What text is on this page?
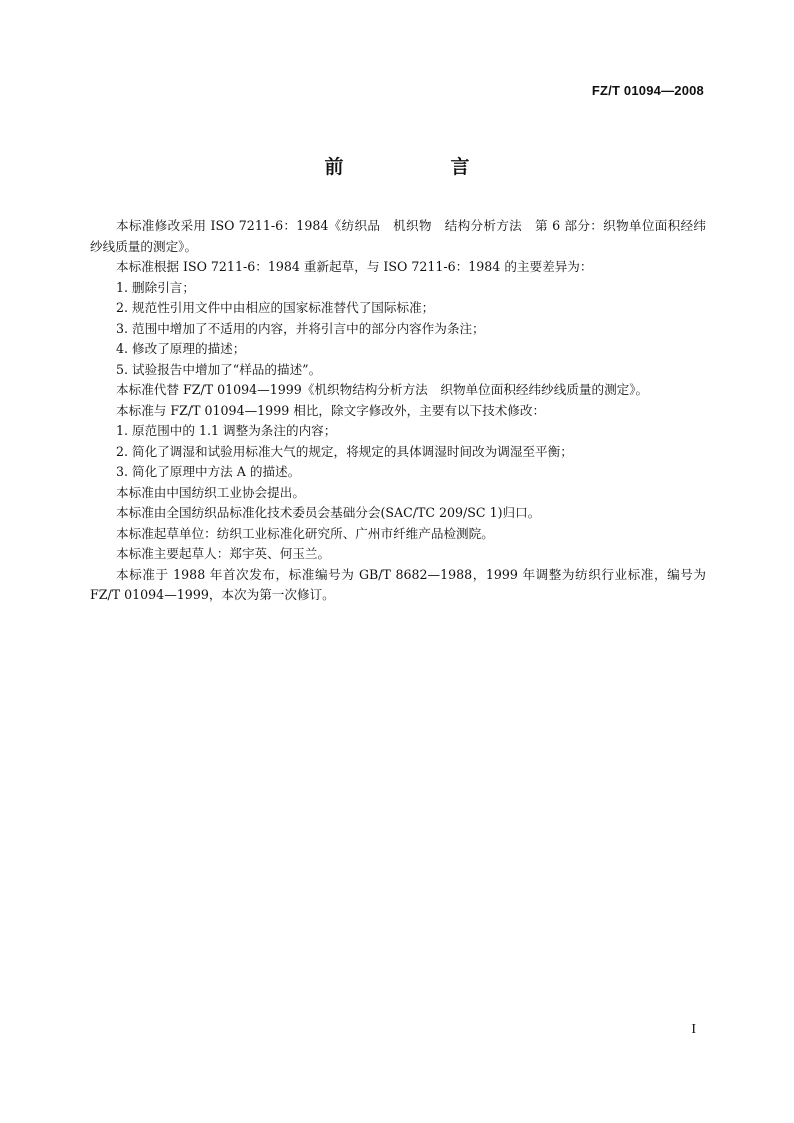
FZ/T 01094—2008
前　言

本标准修改采用 ISO 7211-6：1984《纺织品　机织物　结构分析方法　第 6 部分：织物单位面积经纬纱线质量的测定》。

本标准根据 ISO 7211-6：1984 重新起草，与 ISO 7211-6：1984 的主要差异为：

1. 删除引言；

2. 规范性引用文件中由相应的国家标准替代了国际标准；

3. 范围中增加了不适用的内容，并将引言中的部分内容作为条注；

4. 修改了原理的描述；

5. 试验报告中增加了“样品的描述”。

本标准代替 FZ/T 01094—1999《机织物结构分析方法　织物单位面积经纬纱线质量的测定》。

本标准与 FZ/T 01094—1999 相比，除文字修改外，主要有以下技术修改：

1. 原范围中的 1.1 调整为条注的内容；

2. 简化了调湿和试验用标准大气的规定，将规定的具体调湿时间改为调湿至平衡；

3. 简化了原理中方法 A 的描述。

本标准由中国纺织工业协会提出。

本标准由全国纺织品标准化技术委员会基础分会(SAC/TC 209/SC 1)归口。

本标准起草单位：纺织工业标准化研究所、广州市纤维产品检测院。

本标准主要起草人：郑宇英、何玉兰。

本标准于 1988 年首次发布，标准编号为 GB/T 8682—1988，1999 年调整为纺织行业标准，编号为 FZ/T 01094—1999，本次为第一次修订。

I
